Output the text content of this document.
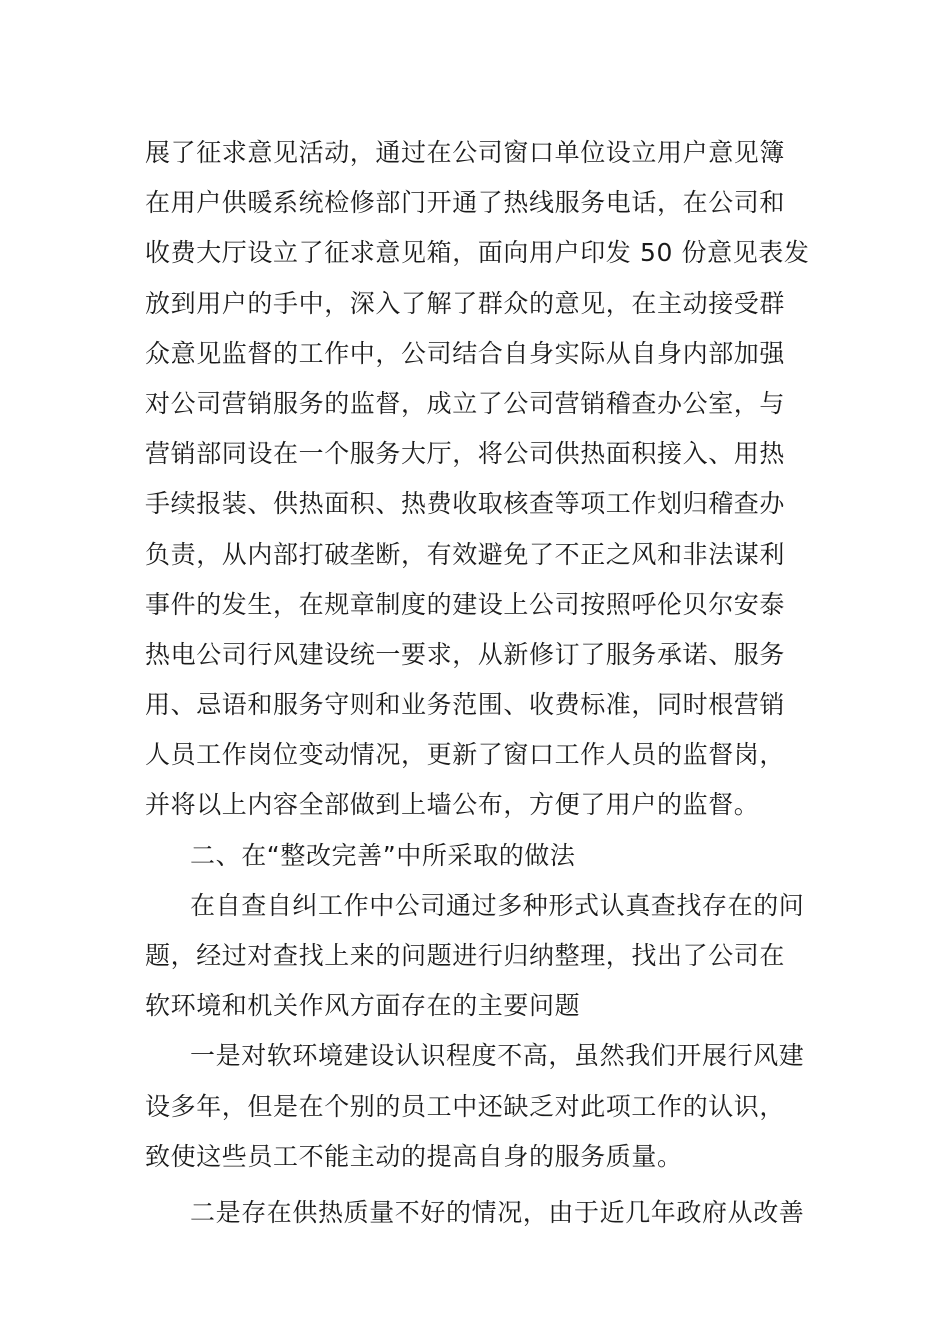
展了征求意见活动，通过在公司窗口单位设立用户意见簿
在用户供暖系统检修部门开通了热线服务电话，在公司和
收费大厅设立了征求意见箱，面向用户印发 50 份意见表发
放到用户的手中，深入了解了群众的意见，在主动接受群
众意见监督的工作中，公司结合自身实际从自身内部加强
对公司营销服务的监督，成立了公司营销稽查办公室，与
营销部同设在一个服务大厅，将公司供热面积接入、用热
手续报装、供热面积、热费收取核查等项工作划归稽查办
负责，从内部打破垄断，有效避免了不正之风和非法谋利
事件的发生，在规章制度的建设上公司按照呼伦贝尔安泰
热电公司行风建设统一要求，从新修订了服务承诺、服务
用、忌语和服务守则和业务范围、收费标准，同时根营销
人员工作岗位变动情况，更新了窗口工作人员的监督岗，
并将以上内容全部做到上墙公布，方便了用户的监督。
二、在“整改完善”中所采取的做法
在自查自纠工作中公司通过多种形式认真查找存在的问
题，经过对查找上来的问题进行归纳整理，找出了公司在
软环境和机关作风方面存在的主要问题
一是对软环境建设认识程度不高，虽然我们开展行风建
设多年，但是在个别的员工中还缺乏对此项工作的认识，
致使这些员工不能主动的提高自身的服务质量。
二是存在供热质量不好的情况，由于近几年政府从改善
